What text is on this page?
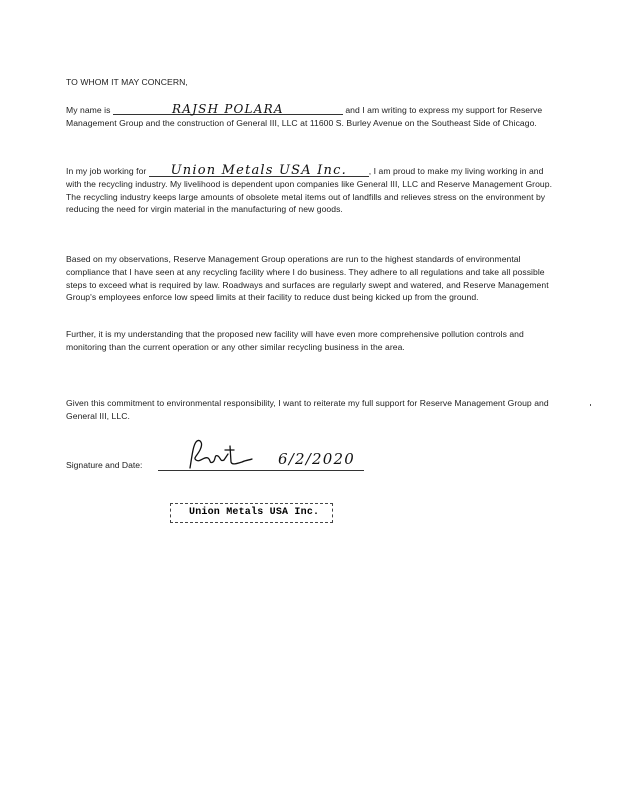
TO WHOM IT MAY CONCERN,
My name is	RAJSH POLARA	and I am writing to express my support for Reserve Management Group and the construction of General III, LLC at 11600 S. Burley Avenue on the Southeast Side of Chicago.
In my job working for Union Metals USA Inc.	, I am proud to make my living working in and with the recycling industry. My livelihood is dependent upon companies like General III, LLC and Reserve Management Group. The recycling industry keeps large amounts of obsolete metal items out of landfills and relieves stress on the environment by reducing the need for virgin material in the manufacturing of new goods.
Based on my observations, Reserve Management Group operations are run to the highest standards of environmental compliance that I have seen at any recycling facility where I do business. They adhere to all regulations and take all possible steps to exceed what is required by law. Roadways and surfaces are regularly swept and watered, and Reserve Management Group's employees enforce low speed limits at their facility to reduce dust being kicked up from the ground.
Further, it is my understanding that the proposed new facility will have even more comprehensive pollution controls and monitoring than the current operation or any other similar recycling business in the area.
Given this commitment to environmental responsibility, I want to reiterate my full support for Reserve Management Group and General III, LLC.
Signature and Date:	6/2/2020
Union Metals USA Inc.
